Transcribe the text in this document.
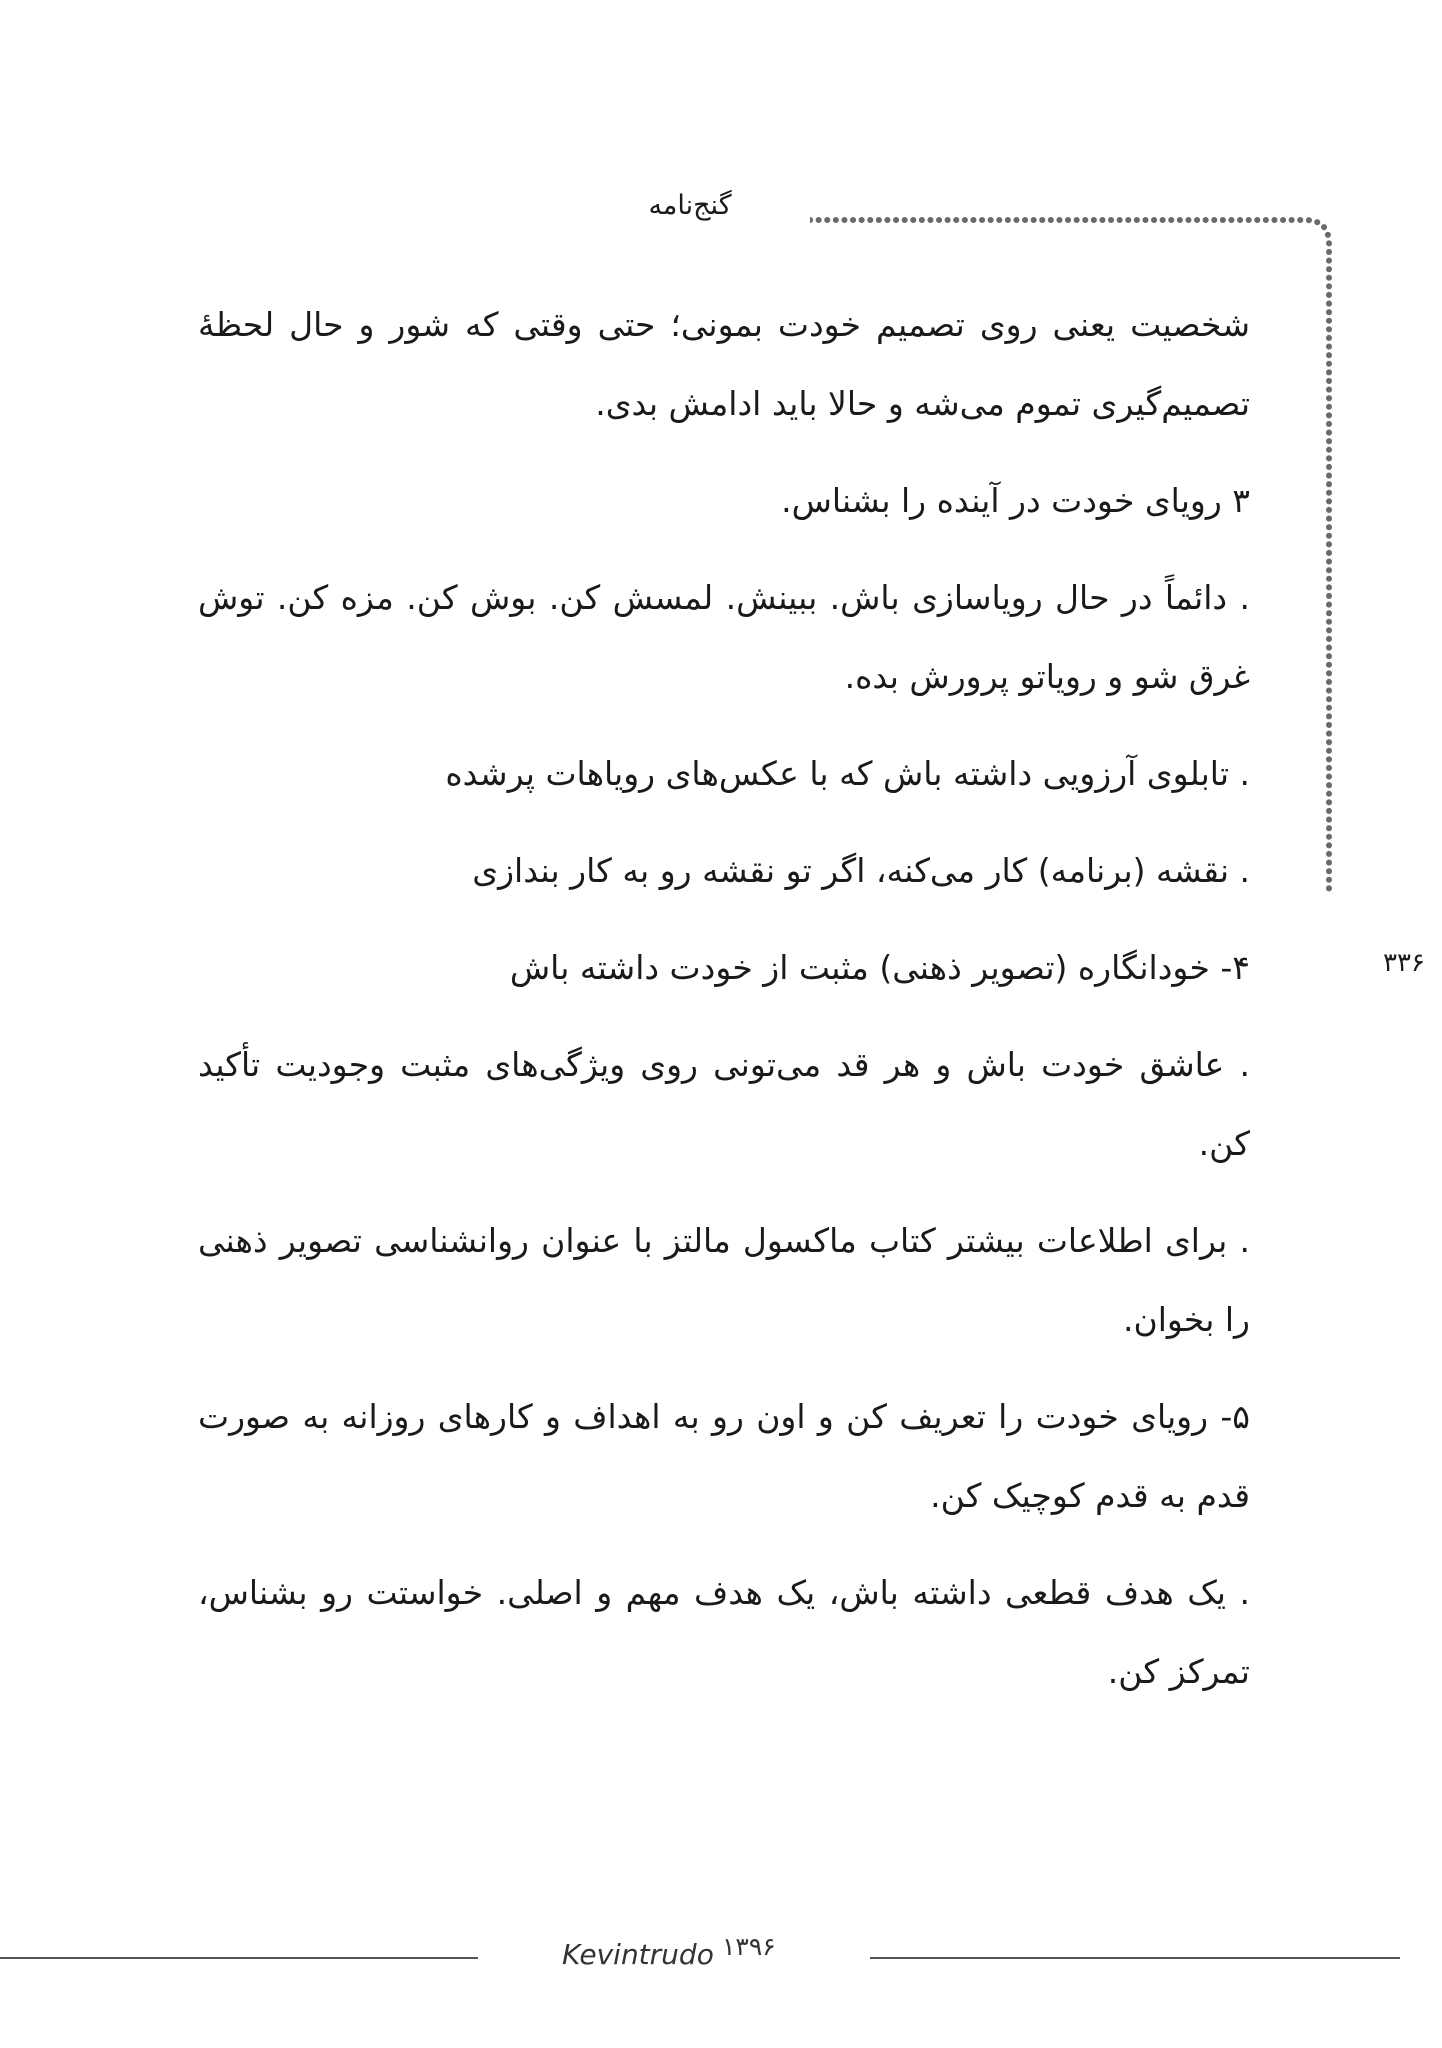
گنج‌نامه
۳۳۶

شخصیت یعنی روی تصمیم خودت بمونی؛ حتی وقتی که شور و حال لحظهٔ تصمیم‌گیری تموم می‌شه و حالا باید ادامش بدی.

۳ رویای خودت در آینده را بشناس.

. دائماً در حال رویاسازی باش. ببینش. لمسش کن. بوش کن. مزه کن. توش غرق شو و رویاتو پرورش بده.

. تابلوی آرزویی داشته باش که با عکس‌های رویاهات پرشده

. نقشه (برنامه) کار می‌کنه، اگر تو نقشه رو به کار بندازی

۴- خودانگاره (تصویر ذهنی) مثبت از خودت داشته باش

. عاشق خودت باش و هر قد می‌تونی روی ویژگی‌های مثبت وجودیت تأکید کن.

. برای اطلاعات بیشتر کتاب ماکسول مالتز با عنوان روانشناسی تصویر ذهنی را بخوان.

۵- رویای خودت را تعریف کن و اون رو به اهداف و کارهای روزانه به صورت قدم به قدم کوچیک کن.

. یک هدف قطعی داشته باش، یک هدف مهم و اصلی. خواستت رو بشناس، تمرکز کن.

Kevintrudo ۱۳۹۶
